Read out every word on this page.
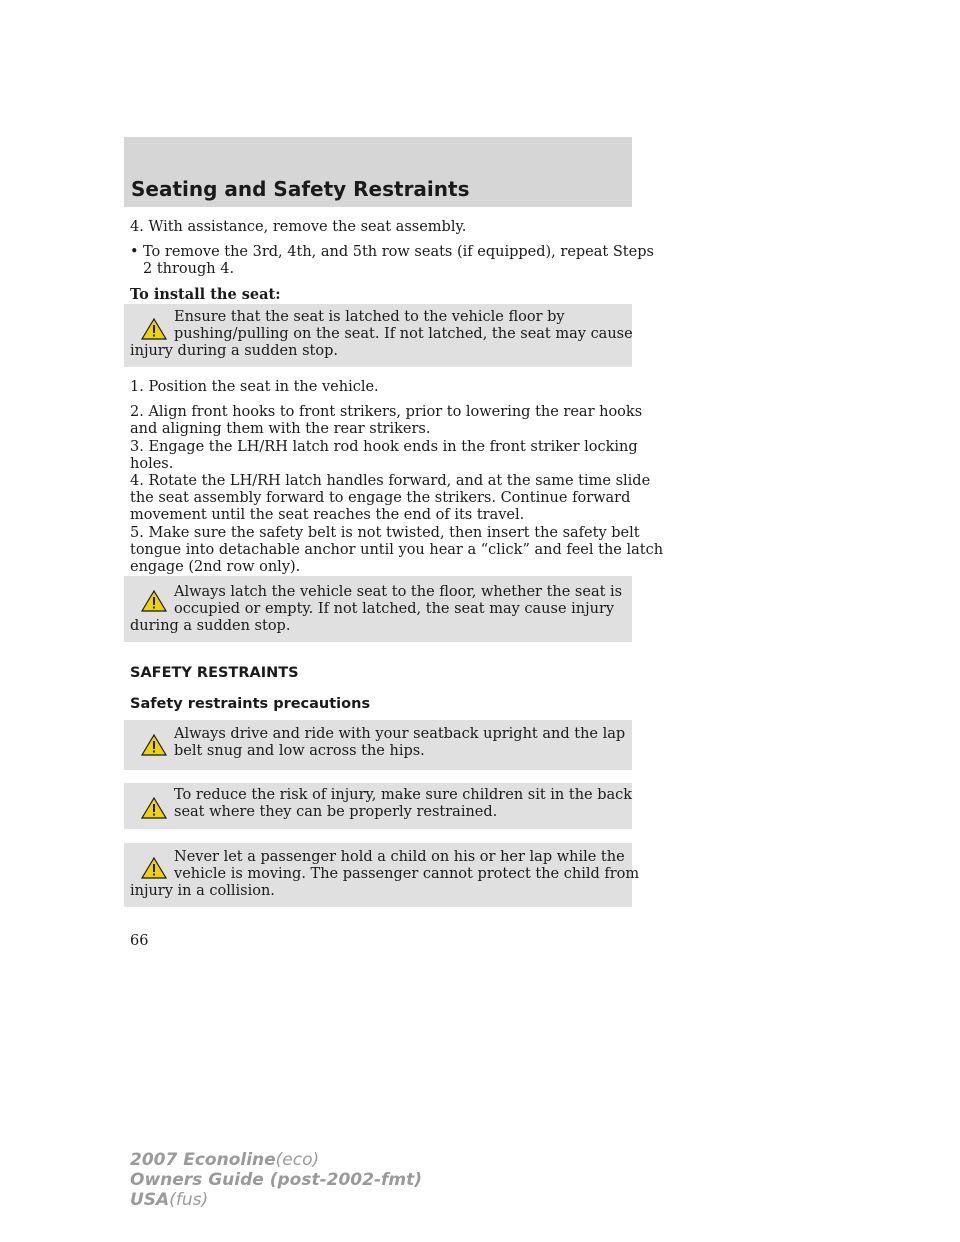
Seating and Safety Restraints
4. With assistance, remove the seat assembly.
• To remove the 3rd, 4th, and 5th row seats (if equipped), repeat Steps
2 through 4.
To install the seat:
Ensure that the seat is latched to the vehicle floor by
pushing/pulling on the seat. If not latched, the seat may cause
injury during a sudden stop.
1. Position the seat in the vehicle.
2. Align front hooks to front strikers, prior to lowering the rear hooks
and aligning them with the rear strikers.
3. Engage the LH/RH latch rod hook ends in the front striker locking
holes.
4. Rotate the LH/RH latch handles forward, and at the same time slide
the seat assembly forward to engage the strikers. Continue forward
movement until the seat reaches the end of its travel.
5. Make sure the safety belt is not twisted, then insert the safety belt
tongue into detachable anchor until you hear a “click” and feel the latch
engage (2nd row only).
Always latch the vehicle seat to the floor, whether the seat is
occupied or empty. If not latched, the seat may cause injury
during a sudden stop.
SAFETY RESTRAINTS
Safety restraints precautions
Always drive and ride with your seatback upright and the lap
belt snug and low across the hips.
To reduce the risk of injury, make sure children sit in the back
seat where they can be properly restrained.
Never let a passenger hold a child on his or her lap while the
vehicle is moving. The passenger cannot protect the child from
injury in a collision.
66
2007 Econoline(eco)
Owners Guide (post-2002-fmt)
USA(fus)
